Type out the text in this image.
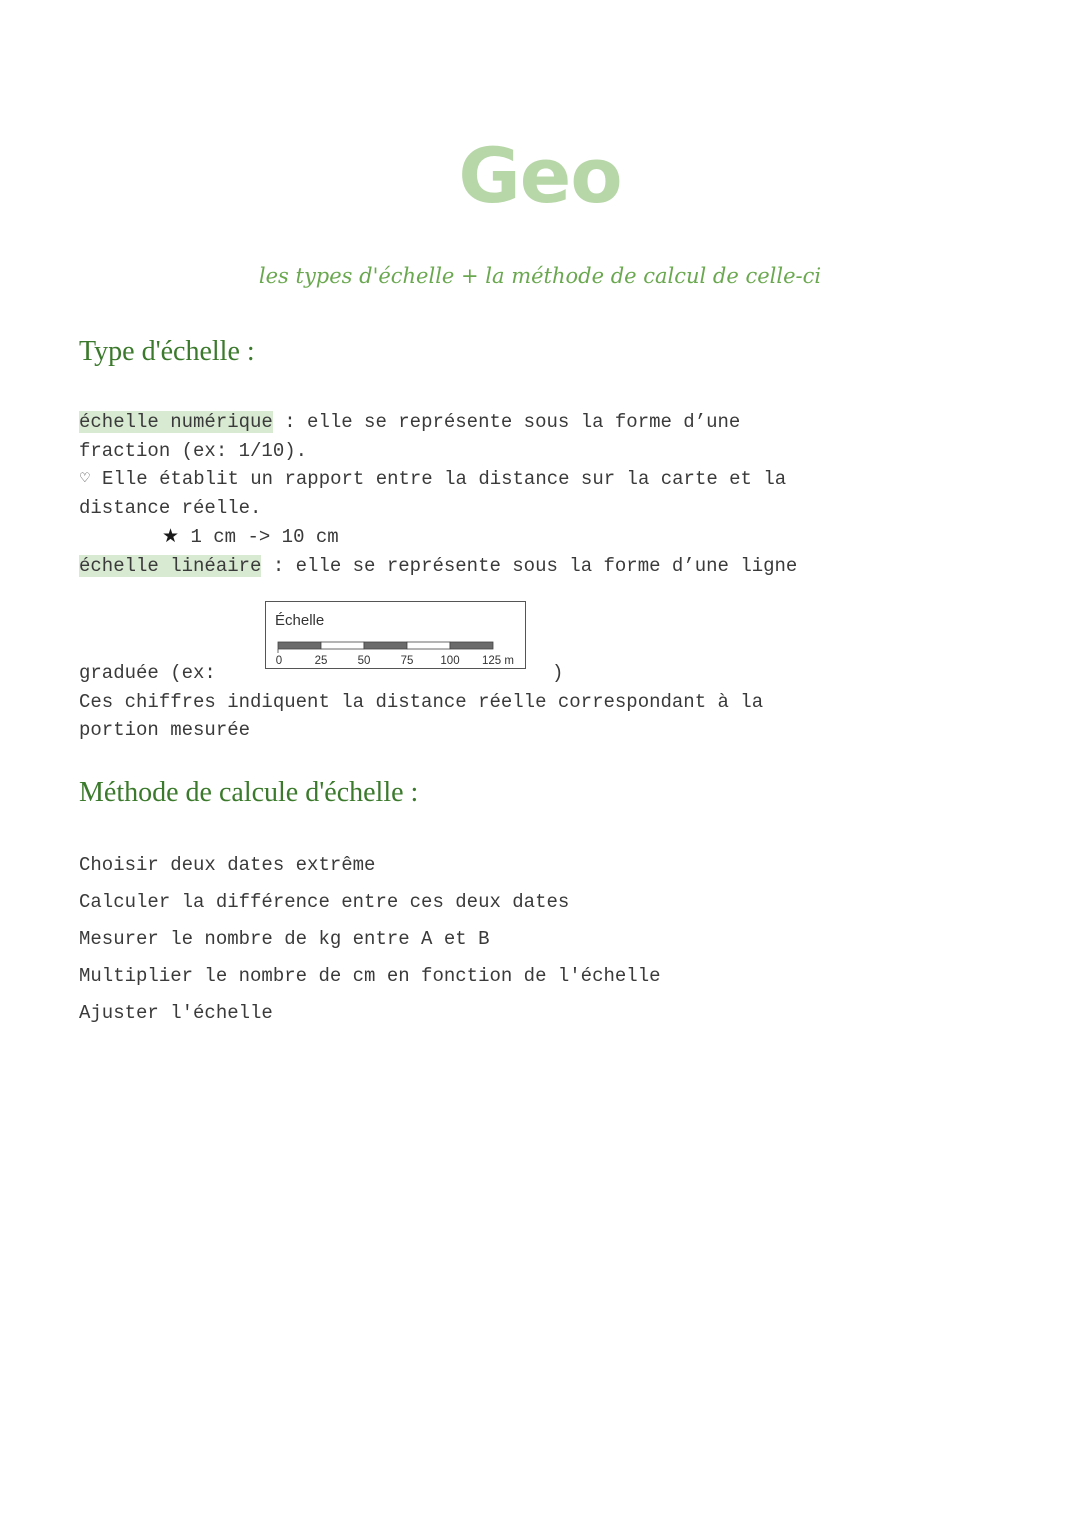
Geo
les types d'échelle + la méthode de calcul de celle-ci
Type d'échelle :
échelle numérique : elle se représente sous la forme d’une
fraction (ex: 1/10).
♡ Elle établit un rapport entre la distance sur la carte et la
distance réelle.
★ 1 cm -> 10 cm
échelle linéaire : elle se représente sous la forme d’une ligne
Échelle
0	25	50	75 100 125 m
graduée (ex:	)
Ces chiffres indiquent la distance réelle correspondant à la
portion mesurée
Méthode de calcule d'échelle :
Choisir deux dates extrême
Calculer la différence entre ces deux dates
Mesurer le nombre de kg entre A et B
Multiplier le nombre de cm en fonction de l'échelle
Ajuster l'échelle
